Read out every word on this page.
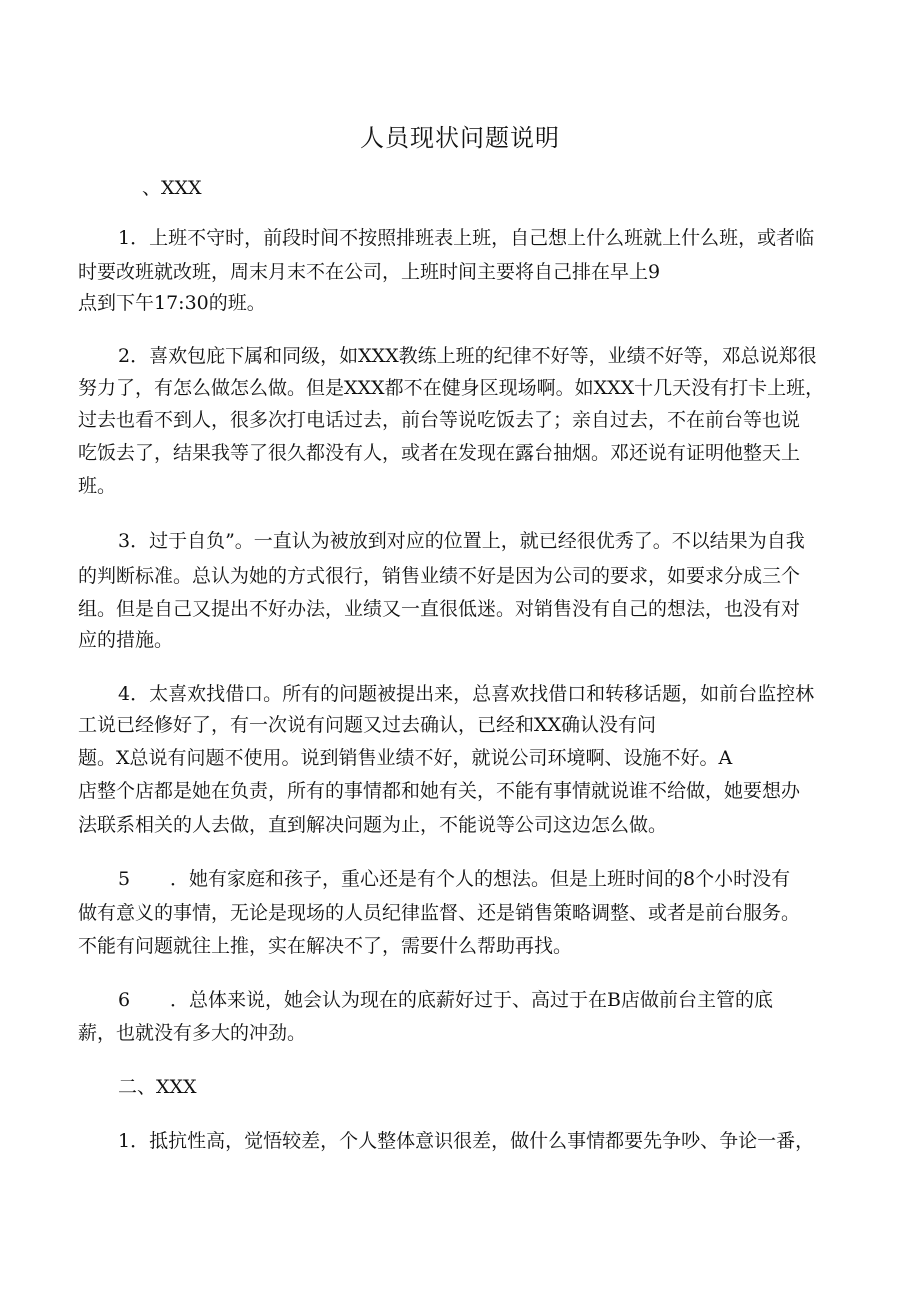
人员现状问题说明
、XXX
1．上班不守时，前段时间不按照排班表上班，自己想上什么班就上什么班，或者临
时要改班就改班，周末月末不在公司，上班时间主要将自己排在早上9
点到下午17:30的班。
2．喜欢包庇下属和同级，如XXX教练上班的纪律不好等，业绩不好等，邓总说郑很
努力了，有怎么做怎么做。但是XXX都不在健身区现场啊。如XXX十几天没有打卡上班，
过去也看不到人，很多次打电话过去，前台等说吃饭去了；亲自过去，不在前台等也说
吃饭去了，结果我等了很久都没有人，或者在发现在露台抽烟。邓还说有证明他整天上
班。
3．过于自负”。一直认为被放到对应的位置上，就已经很优秀了。不以结果为自我
的判断标准。总认为她的方式很行，销售业绩不好是因为公司的要求，如要求分成三个
组。但是自己又提出不好办法，业绩又一直很低迷。对销售没有自己的想法，也没有对
应的措施。
4．太喜欢找借口。所有的问题被提出来，总喜欢找借口和转移话题，如前台监控林
工说已经修好了，有一次说有问题又过去确认，已经和XX确认没有问
题。X总说有问题不使用。说到销售业绩不好，就说公司环境啊、设施不好。A
店整个店都是她在负责，所有的事情都和她有关，不能有事情就说谁不给做，她要想办
法联系相关的人去做，直到解决问题为止，不能说等公司这边怎么做。
5 ．她有家庭和孩子，重心还是有个人的想法。但是上班时间的8个小时没有
做有意义的事情，无论是现场的人员纪律监督、还是销售策略调整、或者是前台服务。
不能有问题就往上推，实在解决不了，需要什么帮助再找。
6 ．总体来说，她会认为现在的底薪好过于、高过于在B店做前台主管的底
薪，也就没有多大的冲劲。
二、XXX
1．抵抗性高，觉悟较差，个人整体意识很差，做什么事情都要先争吵、争论一番，
